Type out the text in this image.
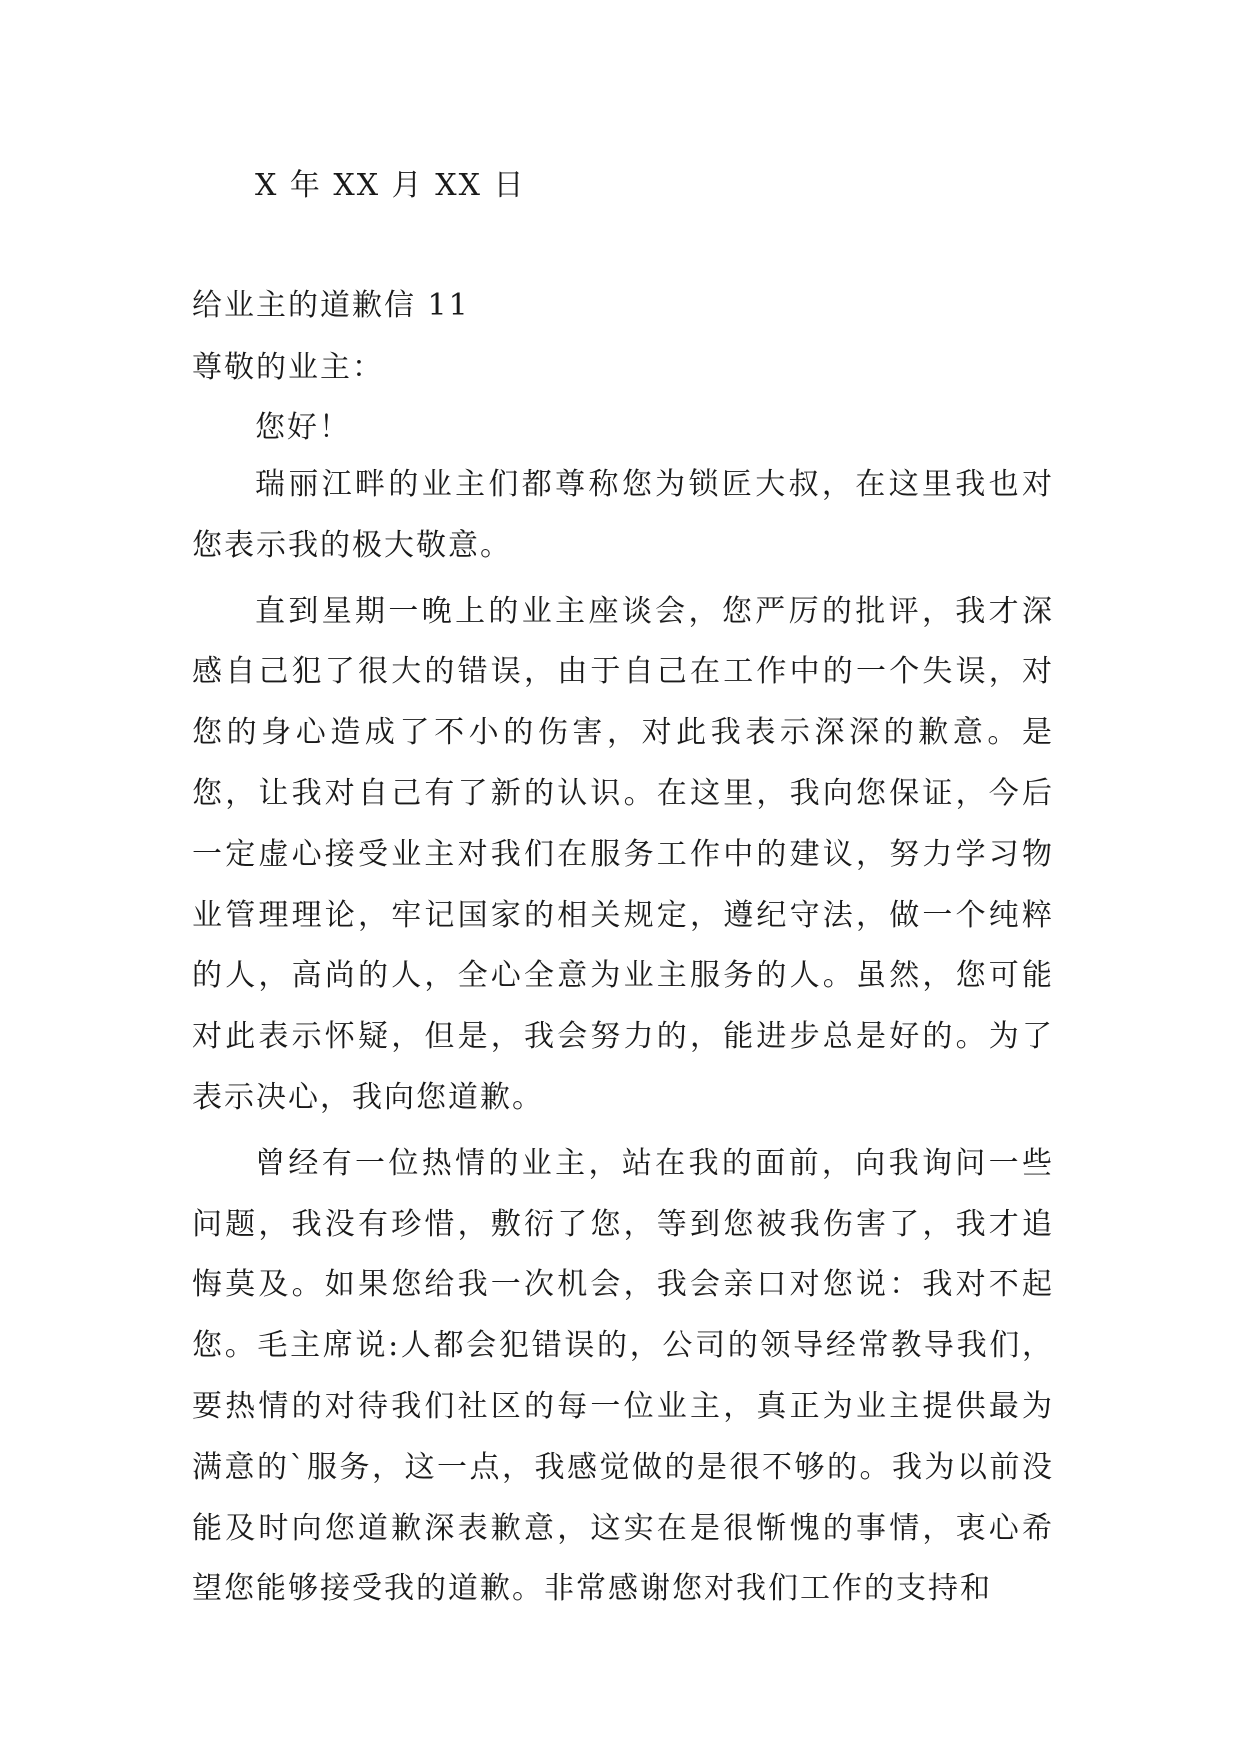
X 年 XX 月 XX 日
给业主的道歉信 11
尊敬的业主：
您好！

瑞丽江畔的业主们都尊称您为锁匠大叔，在这里我也对您表示我的极大敬意。

直到星期一晚上的业主座谈会，您严厉的批评，我才深感自己犯了很大的错误，由于自己在工作中的一个失误，对您的身心造成了不小的伤害，对此我表示深深的歉意。是您，让我对自己有了新的认识。在这里，我向您保证，今后一定虚心接受业主对我们在服务工作中的建议，努力学习物业管理理论，牢记国家的相关规定，遵纪守法，做一个纯粹的人，高尚的人，全心全意为业主服务的人。虽然，您可能对此表示怀疑，但是，我会努力的，能进步总是好的。为了表示决心，我向您道歉。

曾经有一位热情的业主，站在我的面前，向我询问一些问题，我没有珍惜，敷衍了您，等到您被我伤害了，我才追悔莫及。如果您给我一次机会，我会亲口对您说：我对不起您。毛主席说:人都会犯错误的，公司的领导经常教导我们，要热情的对待我们社区的每一位业主，真正为业主提供最为满意的`服务，这一点，我感觉做的是很不够的。我为以前没能及时向您道歉深表歉意，这实在是很惭愧的事情，衷心希望您能够接受我的道歉。非常感谢您对我们工作的支持和
